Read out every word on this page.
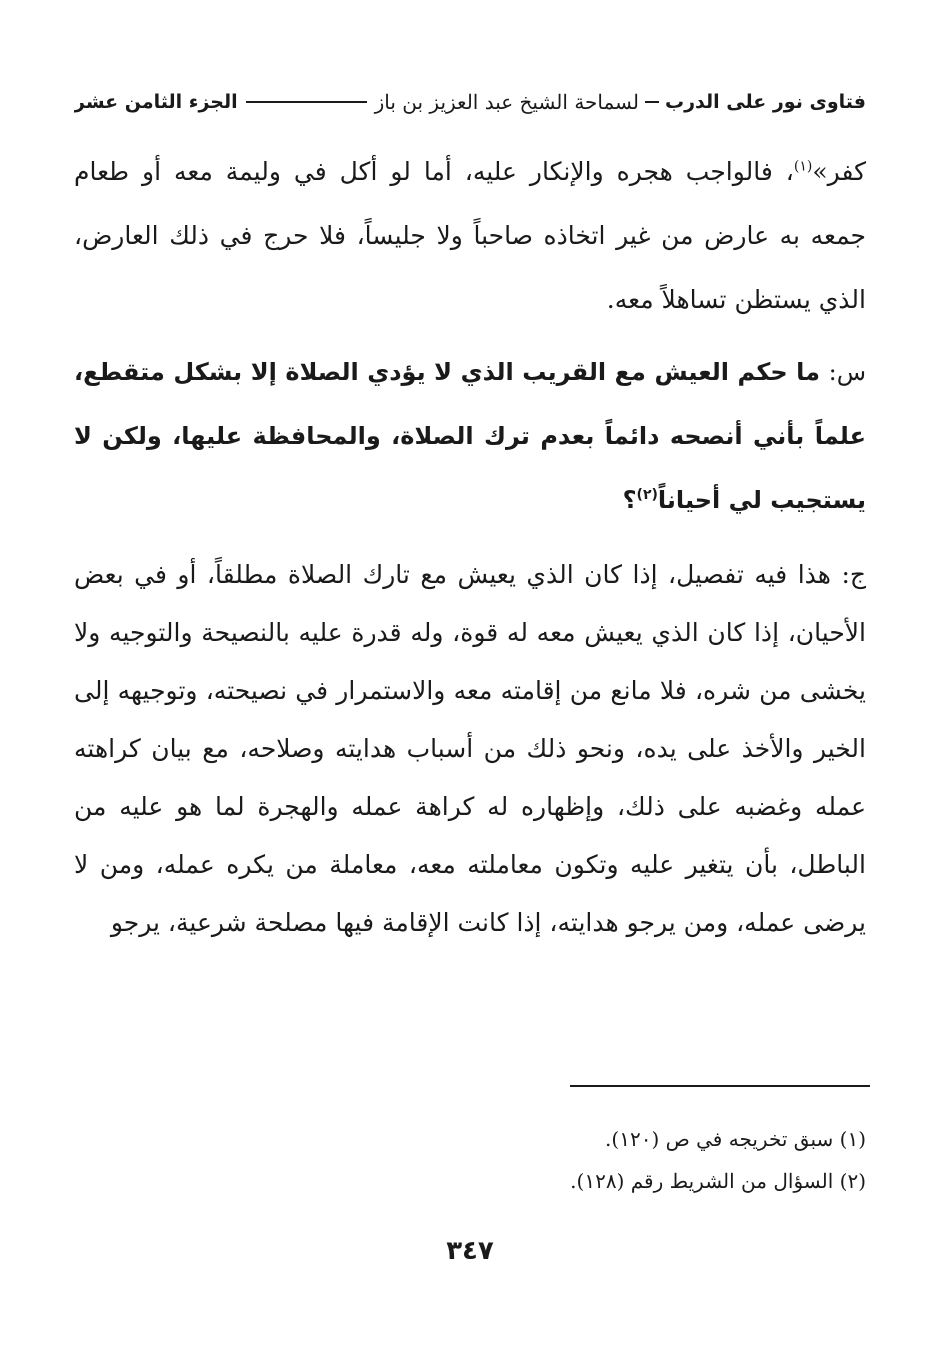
فتاوى نور على الدرب
لسماحة الشيخ عبد العزيز بن باز
الجزء الثامن عشر

كفر»$^{(١)}$، فالواجب هجره والإنكار عليه، أما لو أكل في وليمة معه أو طعام جمعه به عارض من غير اتخاذه صاحباً ولا جليساً، فلا حرج في ذلك العارض، الذي يستظن تساهلاً معه.

س: ما حكم العيش مع القريب الذي لا يؤدي الصلاة إلا بشكل متقطع، علماً بأني أنصحه دائماً بعدم ترك الصلاة، والمحافظة عليها، ولكن لا يستجيب لي أحياناً$^{(٢)}$؟

ج: هذا فيه تفصيل، إذا كان الذي يعيش مع تارك الصلاة مطلقاً، أو في بعض الأحيان، إذا كان الذي يعيش معه له قوة، وله قدرة عليه بالنصيحة والتوجيه ولا يخشى من شره، فلا مانع من إقامته معه والاستمرار في نصيحته، وتوجيهه إلى الخير والأخذ على يده، ونحو ذلك من أسباب هدايته وصلاحه، مع بيان كراهته عمله وغضبه على ذلك، وإظهاره له كراهة عمله والهجرة لما هو عليه من الباطل، بأن يتغير عليه وتكون معاملته معه، معاملة من يكره عمله، ومن لا يرضى عمله، ومن يرجو هدايته، إذا كانت الإقامة فيها مصلحة شرعية، يرجو

(١) سبق تخريجه في ص (١٢٠).
(٢) السؤال من الشريط رقم (١٢٨).
٣٤٧
